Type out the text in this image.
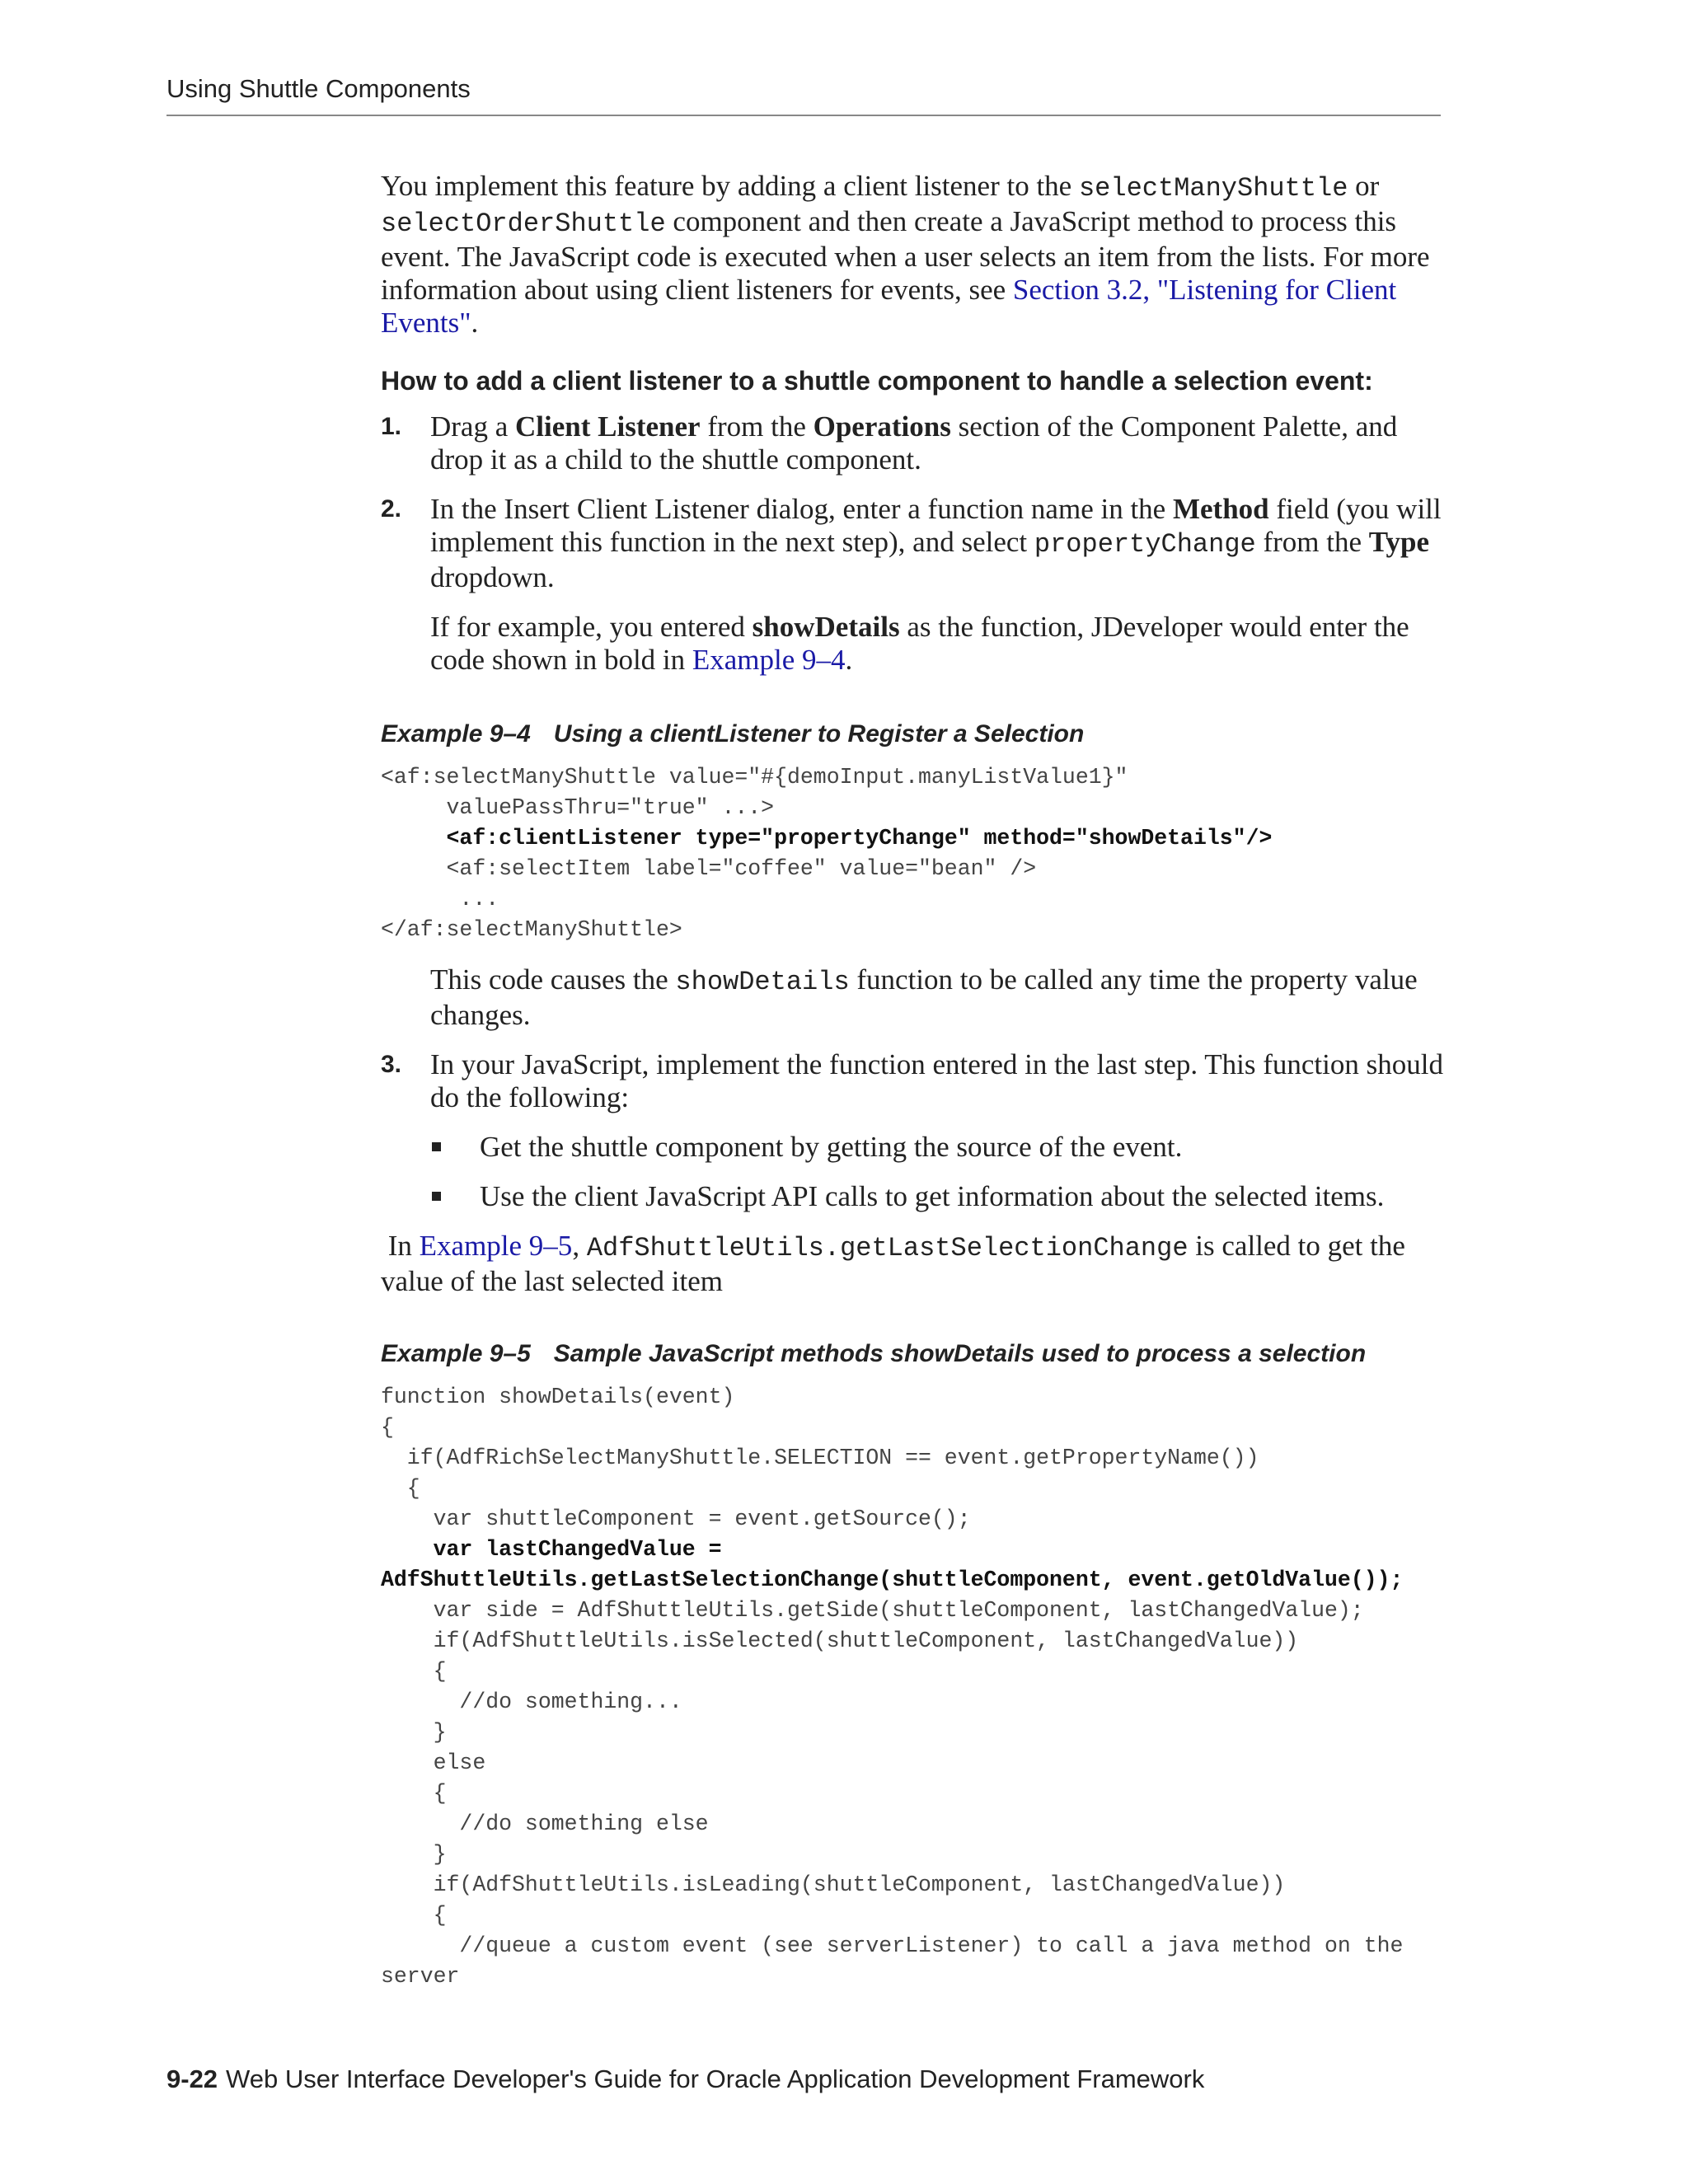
Using Shuttle Components

You implement this feature by adding a client listener to the selectManyShuttle or selectOrderShuttle component and then create a JavaScript method to process this event. The JavaScript code is executed when a user selects an item from the lists. For more information about using client listeners for events, see Section 3.2, "Listening for Client Events".

How to add a client listener to a shuttle component to handle a selection event:
1. Drag a Client Listener from the Operations section of the Component Palette, and drop it as a child to the shuttle component.
2. In the Insert Client Listener dialog, enter a function name in the Method field (you will implement this function in the next step), and select propertyChange from the Type dropdown.
If for example, you entered showDetails as the function, JDeveloper would enter the code shown in bold in Example 9–4.
Example 9–4 Using a clientListener to Register a Selection
<af:selectManyShuttle value="#{demoInput.manyListValue1}"
valuePassThru="true" ...>
<af:clientListener type="propertyChange" method="showDetails"/>
<af:selectItem label="coffee" value="bean" />
...
</af:selectManyShuttle>
This code causes the showDetails function to be called any time the property value changes.
3. In your JavaScript, implement the function entered in the last step. This function should do the following:
Get the shuttle component by getting the source of the event.
Use the client JavaScript API calls to get information about the selected items.

In Example 9–5, AdfShuttleUtils.getLastSelectionChange is called to get the value of the last selected item

Example 9–5 Sample JavaScript methods showDetails used to process a selection
function showDetails(event)
{
if(AdfRichSelectManyShuttle.SELECTION == event.getPropertyName())
{
var shuttleComponent = event.getSource();
var lastChangedValue =
AdfShuttleUtils.getLastSelectionChange(shuttleComponent, event.getOldValue());
var side = AdfShuttleUtils.getSide(shuttleComponent, lastChangedValue);
if(AdfShuttleUtils.isSelected(shuttleComponent, lastChangedValue))
{
//do something...
}
else
{
//do something else
}
if(AdfShuttleUtils.isLeading(shuttleComponent, lastChangedValue))
{
//queue a custom event (see serverListener) to call a java method on the
server
9-22 Web User Interface Developer's Guide for Oracle Application Development Framework
